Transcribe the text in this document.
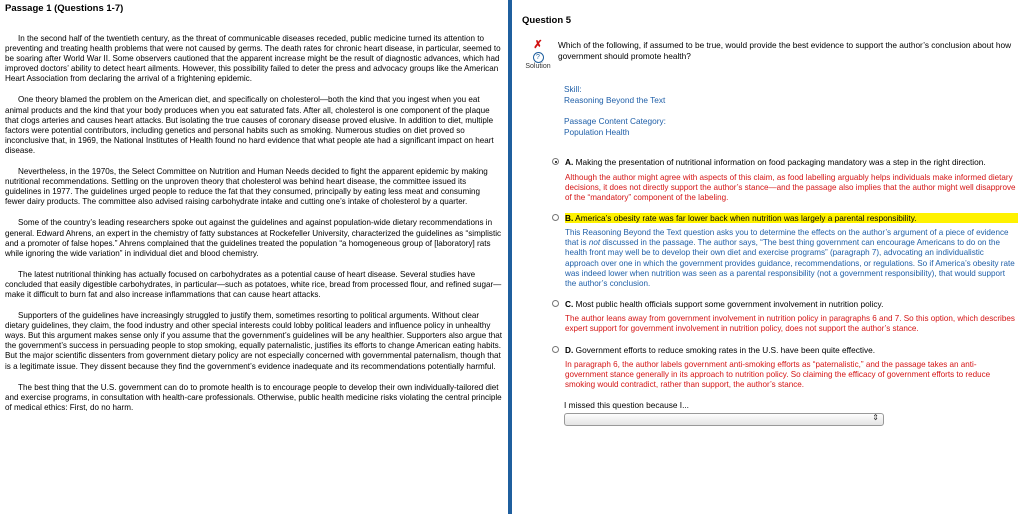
Passage 1 (Questions 1-7)

In the second half of the twentieth century, as the threat of communicable diseases receded, public medicine turned its attention to preventing and treating health problems that were not caused by germs. The death rates for chronic heart disease, in particular, seemed to be soaring after World War II. Some observers cautioned that the apparent increase might be the result of diagnostic advances, which had improved doctors’ ability to detect heart ailments. However, this possibility failed to deter the press and advocacy groups like the American Heart Association from declaring the arrival of a frightening epidemic.

One theory blamed the problem on the American diet, and specifically on cholesterol—both the kind that you ingest when you eat animal products and the kind that your body produces when you eat saturated fats. After all, cholesterol is one component of the plaque that clogs arteries and causes heart attacks. But isolating the true causes of coronary disease proved elusive. In addition to diet, multiple factors were potential contributors, including genetics and personal habits such as smoking. Numerous studies on diet proved so inconclusive that, in 1969, the National Institutes of Health found no hard evidence that what people ate had a significant impact on heart disease.

Nevertheless, in the 1970s, the Select Committee on Nutrition and Human Needs decided to fight the apparent epidemic by making nutritional recommendations. Settling on the unproven theory that cholesterol was behind heart disease, the committee issued its guidelines in 1977. The guidelines urged people to reduce the fat that they consumed, principally by eating less meat and consuming fewer dairy products. The committee also advised raising carbohydrate intake and cutting one’s intake of cholesterol by a quarter.

Some of the country’s leading researchers spoke out against the guidelines and against population-wide dietary recommendations in general. Edward Ahrens, an expert in the chemistry of fatty substances at Rockefeller University, characterized the guidelines as “simplistic and a promoter of false hopes.” Ahrens complained that the guidelines treated the population “a homogeneous group of [laboratory] rats while ignoring the wide variation” in individual diet and blood chemistry.

The latest nutritional thinking has actually focused on carbohydrates as a potential cause of heart disease. Several studies have concluded that easily digestible carbohydrates, in particular—such as potatoes, white rice, bread from processed flour, and refined sugar—make it difficult to burn fat and also increase inflammations that can cause heart attacks.

Supporters of the guidelines have increasingly struggled to justify them, sometimes resorting to political arguments. Without clear dietary guidelines, they claim, the food industry and other special interests could lobby political leaders and influence policy in unhealthy ways. But this argument makes sense only if you assume that the government’s guidelines will be any healthier. Supporters also argue that the government’s success in persuading people to stop smoking, equally paternalistic, justifies its efforts to change American eating habits. But the major scientific dissenters from government dietary policy are not especially concerned with governmental paternalism, though that is a legitimate issue. They dissent because they find the government’s evidence inadequate and its recommendations potentially harmful.

The best thing that the U.S. government can do to promote health is to encourage people to develop their own individually-tailored diet and exercise programs, in consultation with health-care professionals. Otherwise, public health medicine risks violating the central principle of medical ethics: First, do no harm.

Question 5
✗
?
Solution
Which of the following, if assumed to be true, would provide the best evidence to support the author’s conclusion about how government should promote health?
Skill:
Reasoning Beyond the Text
Passage Content Category:
Population Health
A. Making the presentation of nutritional information on food packaging mandatory was a step in the right direction.
Although the author might agree with aspects of this claim, as food labelling arguably helps individuals make informed dietary decisions, it does not directly support the author’s stance—and the passage also implies that the author might well disapprove of the “mandatory” component of the labeling.
B. America’s obesity rate was far lower back when nutrition was largely a parental responsibility.
This Reasoning Beyond the Text question asks you to determine the effects on the author’s argument of a piece of evidence that is not discussed in the passage. The author says, “The best thing government can encourage Americans to do on the health front may well be to develop their own diet and exercise programs” (paragraph 7), advocating an individualistic approach over one in which the government provides guidance, recommendations, or regulations. So if America’s obesity rate was indeed lower when nutrition was seen as a parental responsibility (not a government responsibility), that would support the author’s conclusion.
C. Most public health officials support some government involvement in nutrition policy.
The author leans away from government involvement in nutrition policy in paragraphs 6 and 7. So this option, which describes expert support for government involvement in nutrition policy, does not support the author’s stance.
D. Government efforts to reduce smoking rates in the U.S. have been quite effective.
In paragraph 6, the author labels government anti-smoking efforts as “paternalistic,” and the passage takes an anti-government stance generally in its approach to nutrition policy. So claiming the efficacy of government efforts to reduce smoking would contradict, rather than support, the author’s stance.
I missed this question because I...
⇕
